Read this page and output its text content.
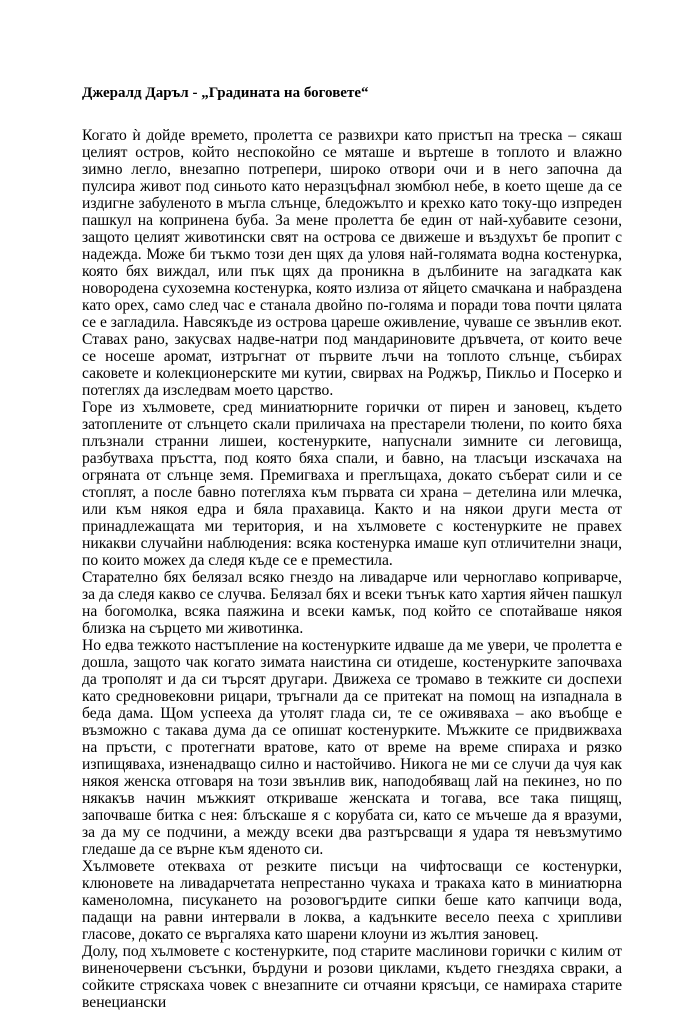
Джералд Даръл - „Градината на боговете“

Когато ѝ дойде времето, пролетта се развихри като пристъп на треска – сякаш целият остров, който неспокойно се мяташе и въртеше в топлото и влажно зимно легло, внезапно потрепери, широко отвори очи и в него започна да пулсира живот под синьото като неразцъфнал зюмбюл небе, в което щеше да се издигне забуленото в мъгла слънце, бледожълто и крехко като току-що изпреден пашкул на копринена буба. За мене пролетта бе един от най-хубавите сезони, защото целият животински свят на острова се движеше и въздухът бе пропит с надежда. Може би тъкмо този ден щях да уловя най-голямата водна костенурка, която бях виждал, или пък щях да проникна в дълбините на загадката как новородена сухоземна костенурка, която излиза от яйцето смачкана и набраздена като орех, само след час е станала двойно по-голяма и поради това почти цялата се е загладила. Навсякъде из острова цареше оживление, чуваше се звънлив екот. Ставах рано, закусвах надве-натри под мандариновите дръвчета, от които вече се носеше аромат, изтръгнат от първите лъчи на топлото слънце, събирах саковете и колекционерските ми кутии, свирвах на Роджър, Пикльо и Посерко и потеглях да изследвам моето царство.

Горе из хълмовете, сред миниатюрните горички от пирен и зановец, където затоплените от слънцето скали приличаха на престарели тюлени, по които бяха плъзнали странни лишеи, костенурките, напуснали зимните си леговища, разбутваха пръстта, под която бяха спали, и бавно, на тласъци изскачаха на огряната от слънце земя. Премигваха и преглъщаха, докато съберат сили и се стоплят, а после бавно потегляха към първата си храна – детелина или млечка, или към някоя едра и бяла прахавица. Както и на някои други места от принадлежащата ми територия, и на хълмовете с костенурките не правех никакви случайни наблюдения: всяка костенурка имаше куп отличителни знаци, по които можех да следя къде се е преместила.

Старателно бях белязал всяко гнездо на ливадарче или черноглаво коприварче, за да следя какво се случва. Белязал бях и всеки тънък като хартия яйчен пашкул на богомолка, всяка паяжина и всеки камък, под който се спотайваше някоя близка на сърцето ми животинка.

Но едва тежкото настъпление на костенурките идваше да ме увери, че пролетта е дошла, защото чак когато зимата наистина си отидеше, костенурките започваха да трополят и да си търсят другари. Движеха се тромаво в тежките си доспехи като средновековни рицари, тръгнали да се притекат на помощ на изпаднала в беда дама. Щом успееха да утолят глада си, те се оживяваха – ако въобще е възможно с такава дума да се опишат костенурките. Мъжките се придвижваха на пръсти, с протегнати вратове, като от време на време спираха и рязко изпищяваха, изненадващо силно и настойчиво. Никога не ми се случи да чуя как някоя женска отговаря на този звънлив вик, наподобяващ лай на пекинез, но по някакъв начин мъжкият откриваше женската и тогава, все така пищящ, започваше битка с нея: блъскаше я с корубата си, като се мъчеше да я вразуми, за да му се подчини, а между всеки два разтърсващи я удара тя невъзмутимо гледаше да се върне към яденото си.

Хълмовете отекваха от резките писъци на чифтосващи се костенурки, клюновете на ливадарчетата непрестанно чукаха и тракаха като в миниатюрна каменоломна, писукането на розовогърдите сипки беше като капчици вода, падащи на равни интервали в локва, а кадънките весело пееха с хрипливи гласове, докато се въргаляха като шарени клоуни из жълтия зановец.

Долу, под хълмовете с костенурките, под старите маслинови горички с килим от виненочервени съсънки, бърдуни и розови циклами, където гнездяха свраки, а сойките стряскаха човек с внезапните си отчаяни крясъци, се намираха старите венециански
